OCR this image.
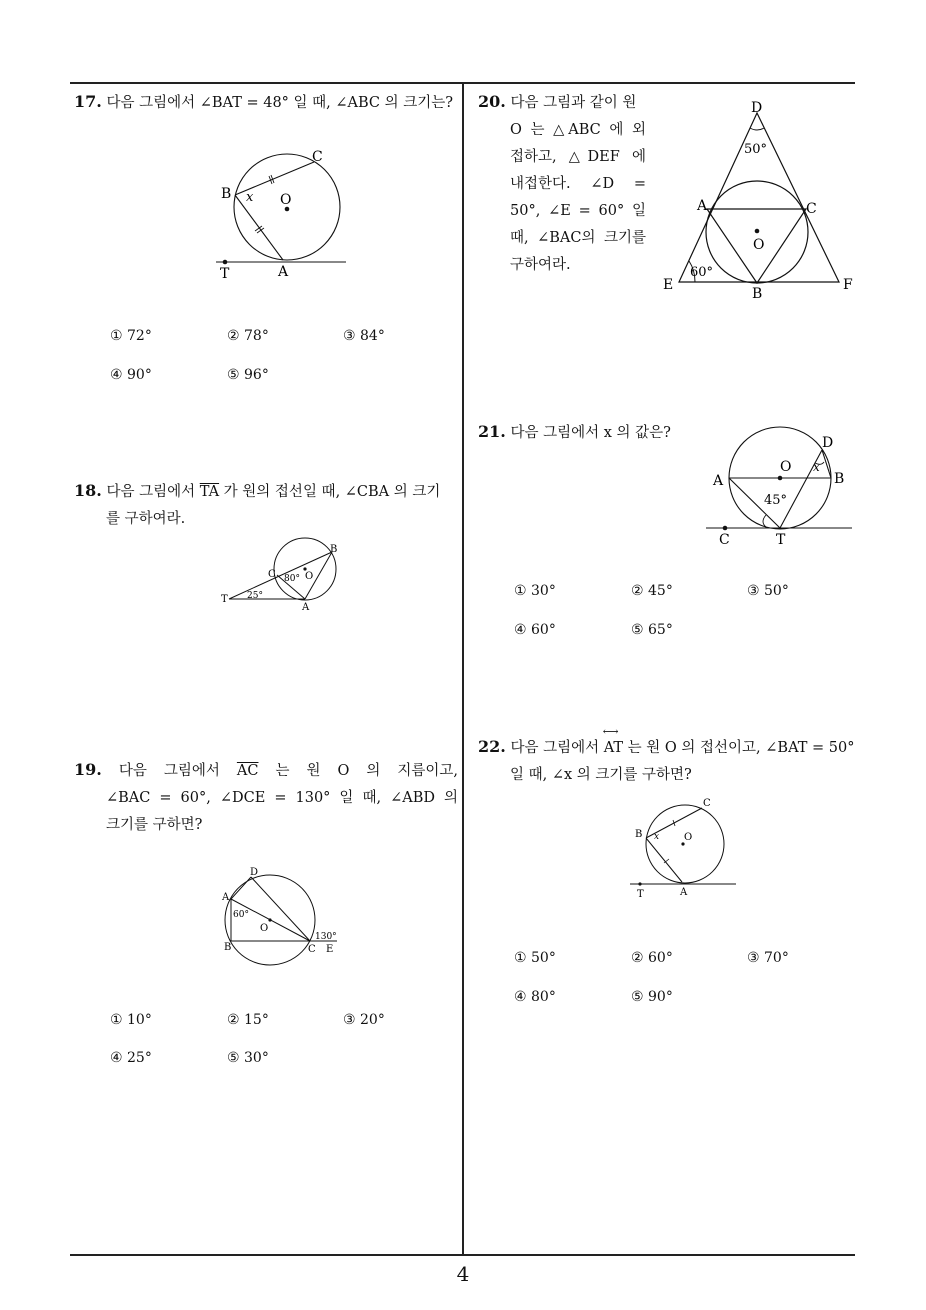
17. 다음 그림에서 ∠BAT = 48° 일 때, ∠ABC 의 크기는?
C
B x O
T	A
① 72°	② 78°	③ 84°
④ 90°	⑤ 96°
18. 다음 그림에서 $\overline{TA}$ 가 원의 접선일 때, ∠CBA 의 크기
를 구하여라.
B
C 80° O
T 25°
A
19. 다음 그림에서 $\overline{AC}$ 는 원 O 의 지름이고,
∠BAC = 60°, ∠DCE = 130° 일 때, ∠ABD 의
크기를 구하면?
D
A
60°
O
130°
B	C E
① 10°	② 15°	③ 20°
④ 25°	⑤ 30°
20. 다음 그림과 같이 원
O 는 △ABC 에 외
접하고, △DEF 에
내접한다. ∠D =
50°, ∠E = 60° 일
때, ∠BAC의 크기를
구하여라.
D
50°
A	C
O
60°
E
B
F
21. 다음 그림에서 x 의 값은?
D
O x
A	B
45°
C	T
① 30°	② 45°	③ 50°
④ 60°	⑤ 65°
22. 다음 그림에서
⟷
AT 는 원 O 의 접선이고, ∠BAT = 50°
일 때, ∠x 의 크기를 구하면?
C
B x O
T	A
① 50°	② 60°	③ 70°
④ 80°	⑤ 90°
4
